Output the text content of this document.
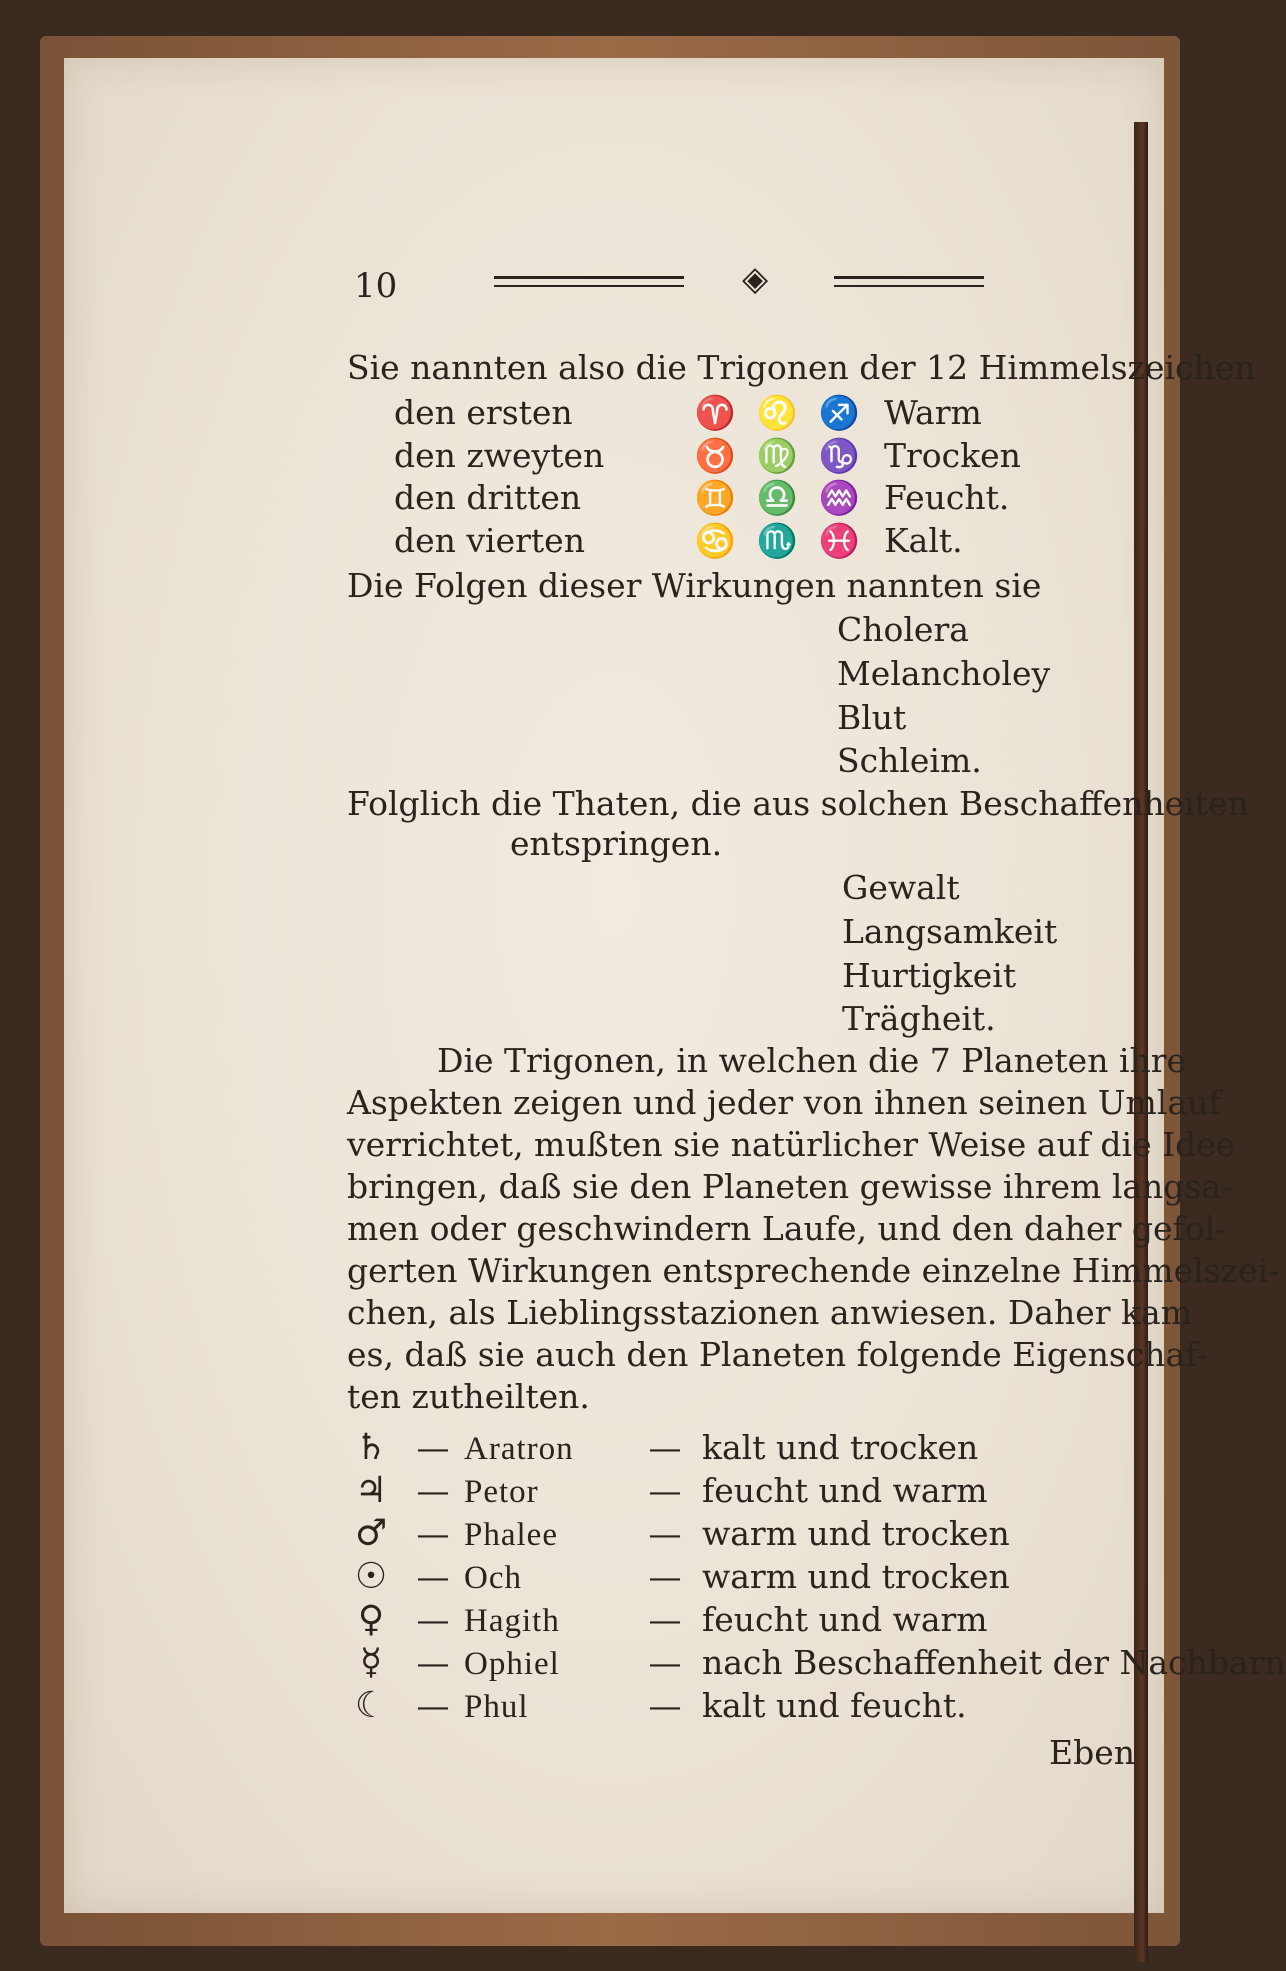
10	◈
Sie nannten also die Trigonen der 12 Himmelszeichen
den ersten	♈ ♌ ♐ Warm
den zweyten	♉ ♍ ♑ Trocken
den dritten	♊ ♎ ♒ Feucht.
den vierten	♋ ♏ ♓ Kalt.
Die Folgen dieser Wirkungen nannten sie
Cholera
Melancholey
Blut
Schleim.
Folglich die Thaten, die aus solchen Beschaffenheiten
entspringen.
Gewalt
Langsamkeit
Hurtigkeit
Trägheit.
Die Trigonen, in welchen die 7 Planeten ihre
Aspekten zeigen und jeder von ihnen seinen Umlauf
verrichtet, mußten sie natürlicher Weise auf die Idee
bringen, daß sie den Planeten gewisse ihrem langsa-
men oder geschwindern Laufe, und den daher gefol-
gerten Wirkungen entsprechende einzelne Himmelszei-
chen, als Lieblingsstazionen anwiesen. Daher kam
es, daß sie auch den Planeten folgende Eigenschaf-
ten zutheilten.
♄ — Aratron — kalt und trocken
♃ — Petor	— feucht und warm
♂ — Phalee	— warm und trocken
☉ — Och	— warm und trocken
♀ — Hagith	— feucht und warm
☿ — Ophiel	— nach Beschaffenheit der Nachbarn
☾ — Phul	— kalt und feucht.
Eben
